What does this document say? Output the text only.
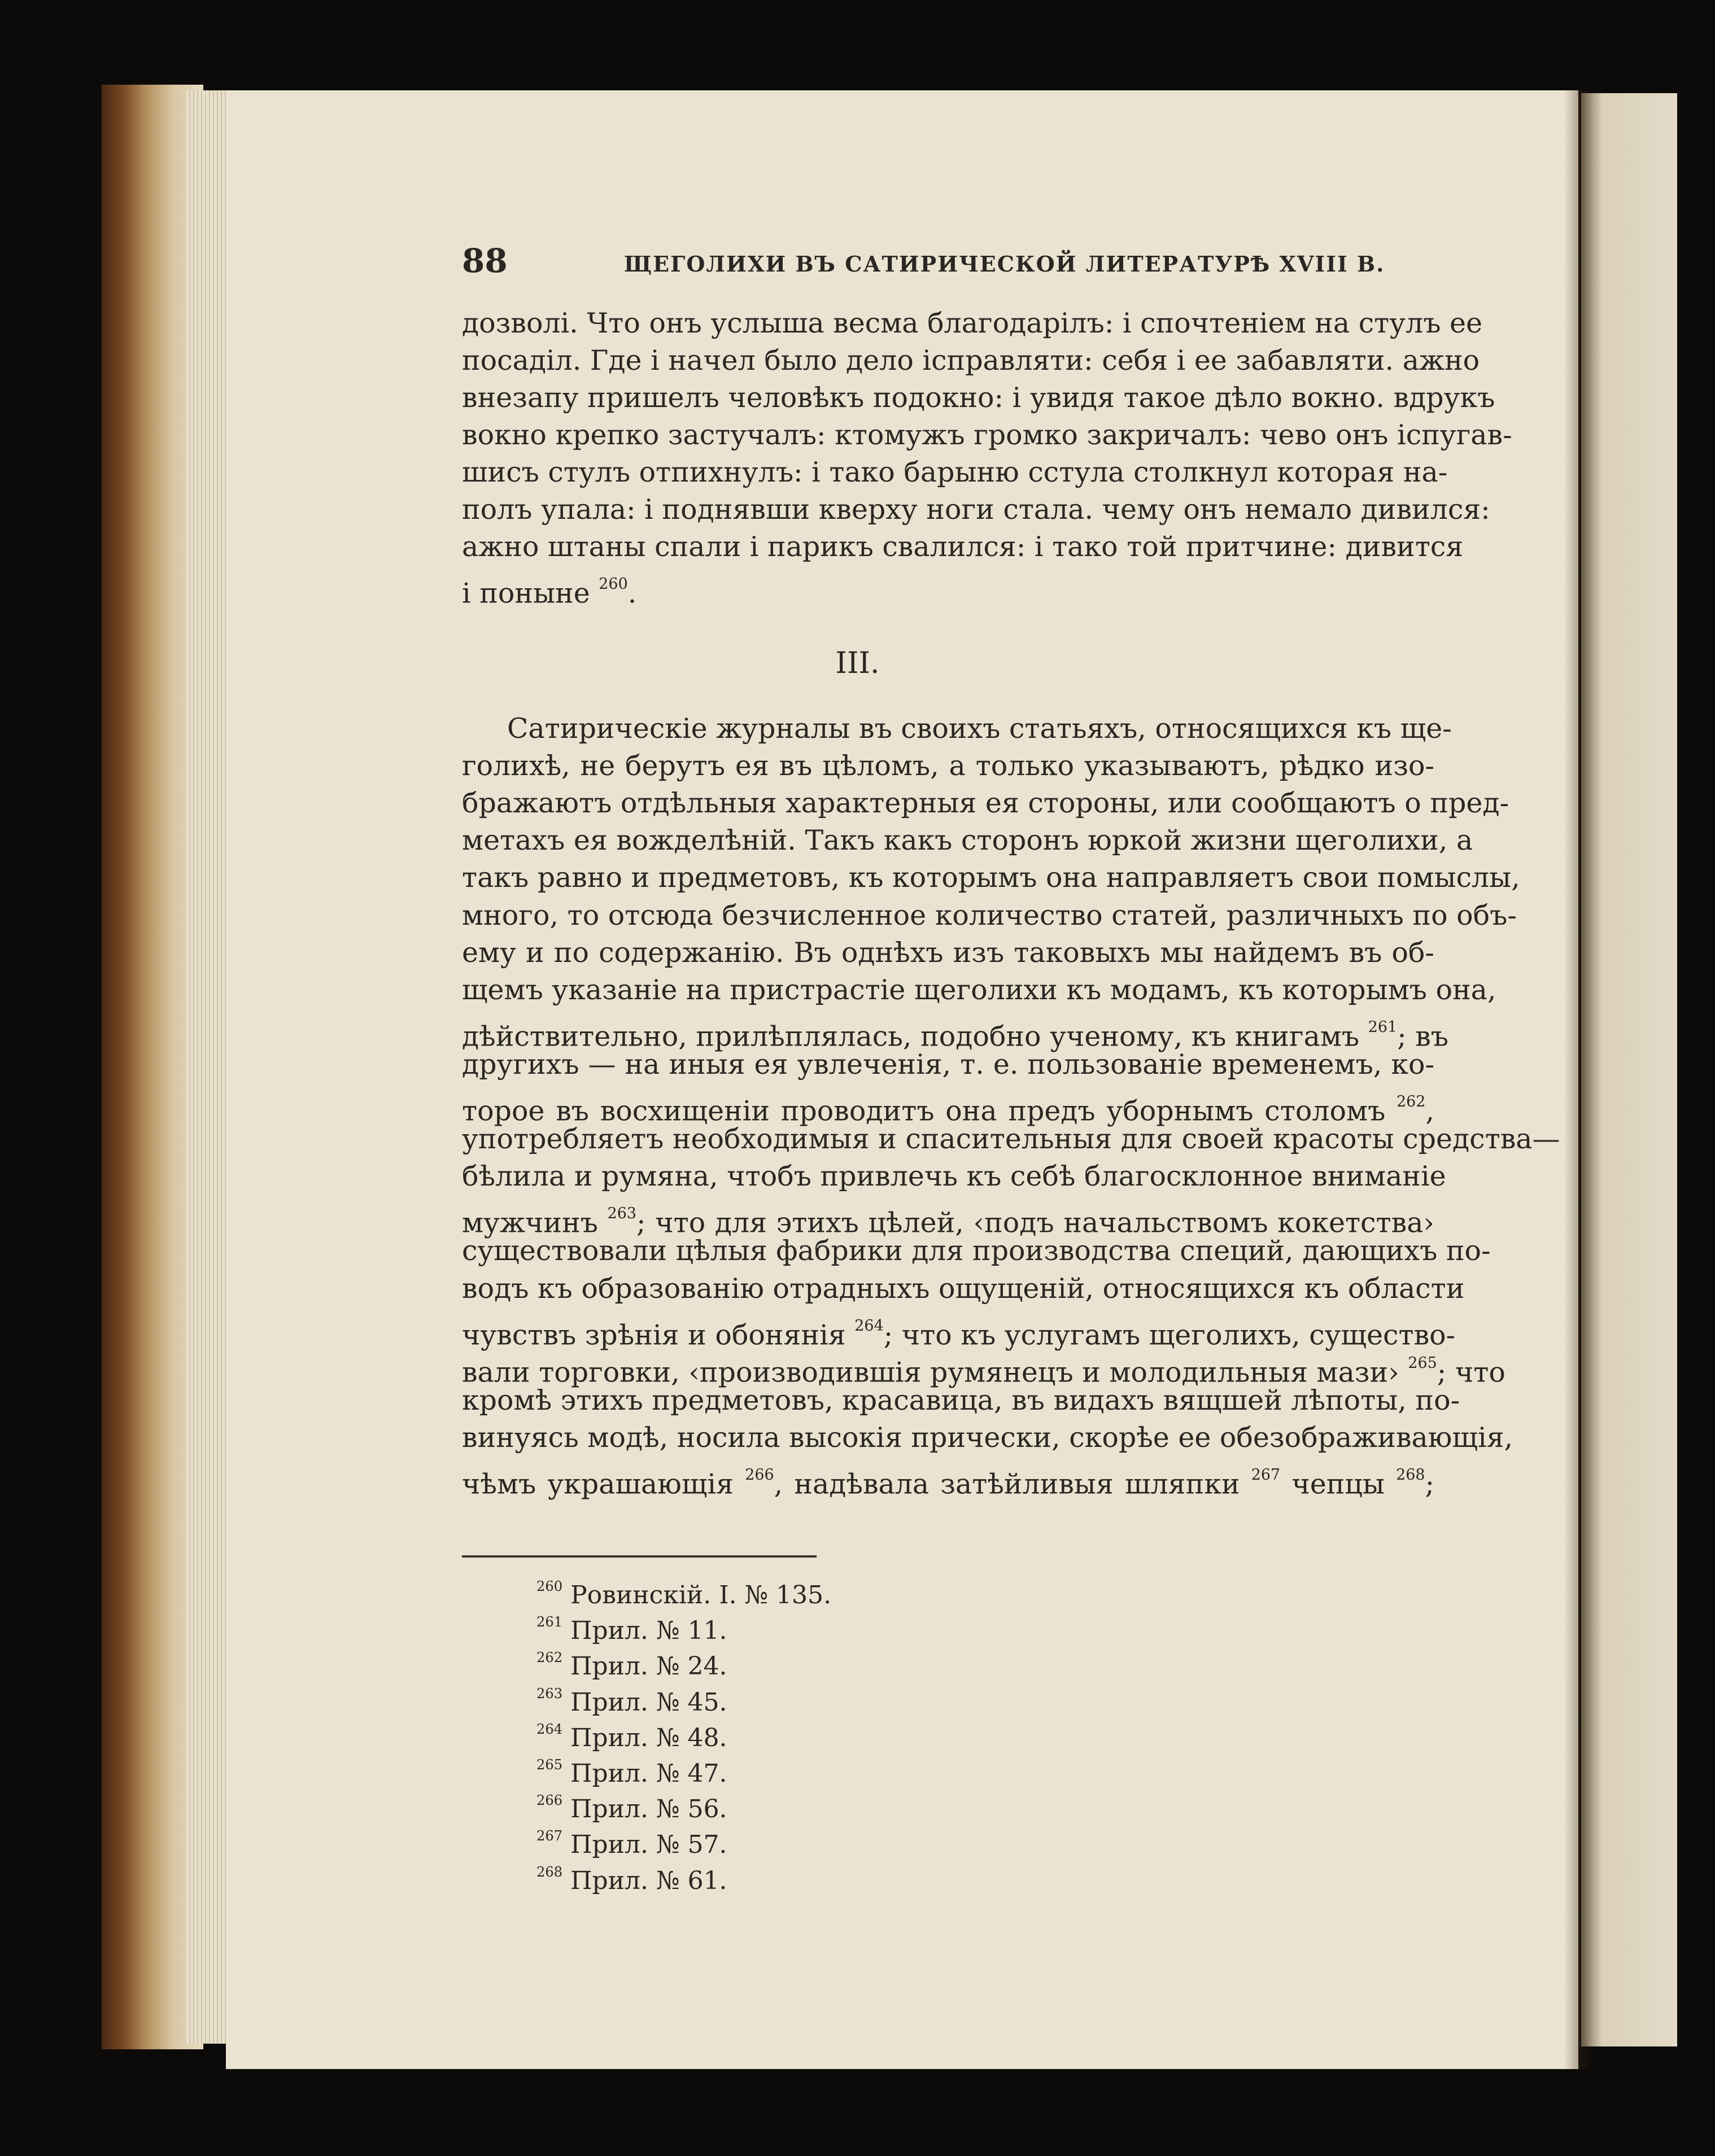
88	ЩЕГОЛИХИ ВЪ САТИРИЧЕСКОЙ ЛИТЕРАТУРѢ XVIII В.
дозволі. Что онъ услыша весма благодарілъ: і спочтеніем на стулъ ее
посаділ. Где і начел было дело ісправляти: себя і ее забавляти. ажно
внезапу пришелъ человѣкъ подокно: і увидя такое дѣло вокно. вдрукъ
вокно крепко застучалъ: ктомужъ громко закричалъ: чево онъ іспугав-
шисъ стулъ отпихнулъ: і тако барыню сстула столкнул которая на-
полъ упала: і поднявши кверху ноги стала. чему онъ немало дивился:
ажно штаны спали і парикъ свалился: і тако той притчине: дивится
і понынe $^{260}$.
III.
Сатирическіе журналы въ своихъ статьяхъ, относящихся къ ще-
голихѣ, не берутъ ея въ цѣломъ, а только указываютъ, рѣдко изо-
бражаютъ отдѣльныя характерныя ея стороны, или сообщаютъ о пред-
метахъ ея вожделѣній. Такъ какъ сторонъ юркой жизни щеголихи, а
такъ равно и предметовъ, къ которымъ она направляетъ свои помыслы,
много, то отсюда безчисленное количество статей, различныхъ по объ-
ему и по содержанію. Въ однѣхъ изъ таковыхъ мы найдемъ въ об-
щемъ указаніе на пристрастіе щеголихи къ модамъ, къ которымъ она,
дѣйствительно, прилѣплялась, подобно ученому, къ книгамъ $^{261}$; въ
другихъ — на иныя ея увлеченія, т. е. пользованіе временемъ, ко-
торое въ восхищеніи проводитъ она предъ уборнымъ столомъ $^{262}$,
употребляетъ необходимыя и спасительныя для своей красоты средства—
бѣлила и румяна, чтобъ привлечь къ себѣ благосклонное вниманіе
мужчинъ $^{263}$; что для этихъ цѣлей, ‹подъ начальствомъ кокетства›
существовали цѣлыя фабрики для производства специй, дающихъ по-
водъ къ образованію отрадныхъ ощущеній, относящихся къ области
чувствъ зрѣнія и обонянія $^{264}$; что къ услугамъ щеголихъ, существо-
вали торговки, ‹производившія румянецъ и молодильныя мази› $^{265}$; что
кромѣ этихъ предметовъ, красавица, въ видахъ вящшей лѣпоты, по-
винуясь модѣ, носила высокія прически, скорѣе ее обезображивающія,
чѣмъ украшающія $^{266}$, надѣвала затѣйливыя шляпки $^{267}$ чепцы $^{268}$;
$^{260}$ Ровинскій. I. № 135.
$^{261}$ Прил. № 11.
$^{262}$ Прил. № 24.
$^{263}$ Прил. № 45.
$^{264}$ Прил. № 48.
$^{265}$ Прил. № 47.
$^{266}$ Прил. № 56.
$^{267}$ Прил. № 57.
$^{268}$ Прил. № 61.
